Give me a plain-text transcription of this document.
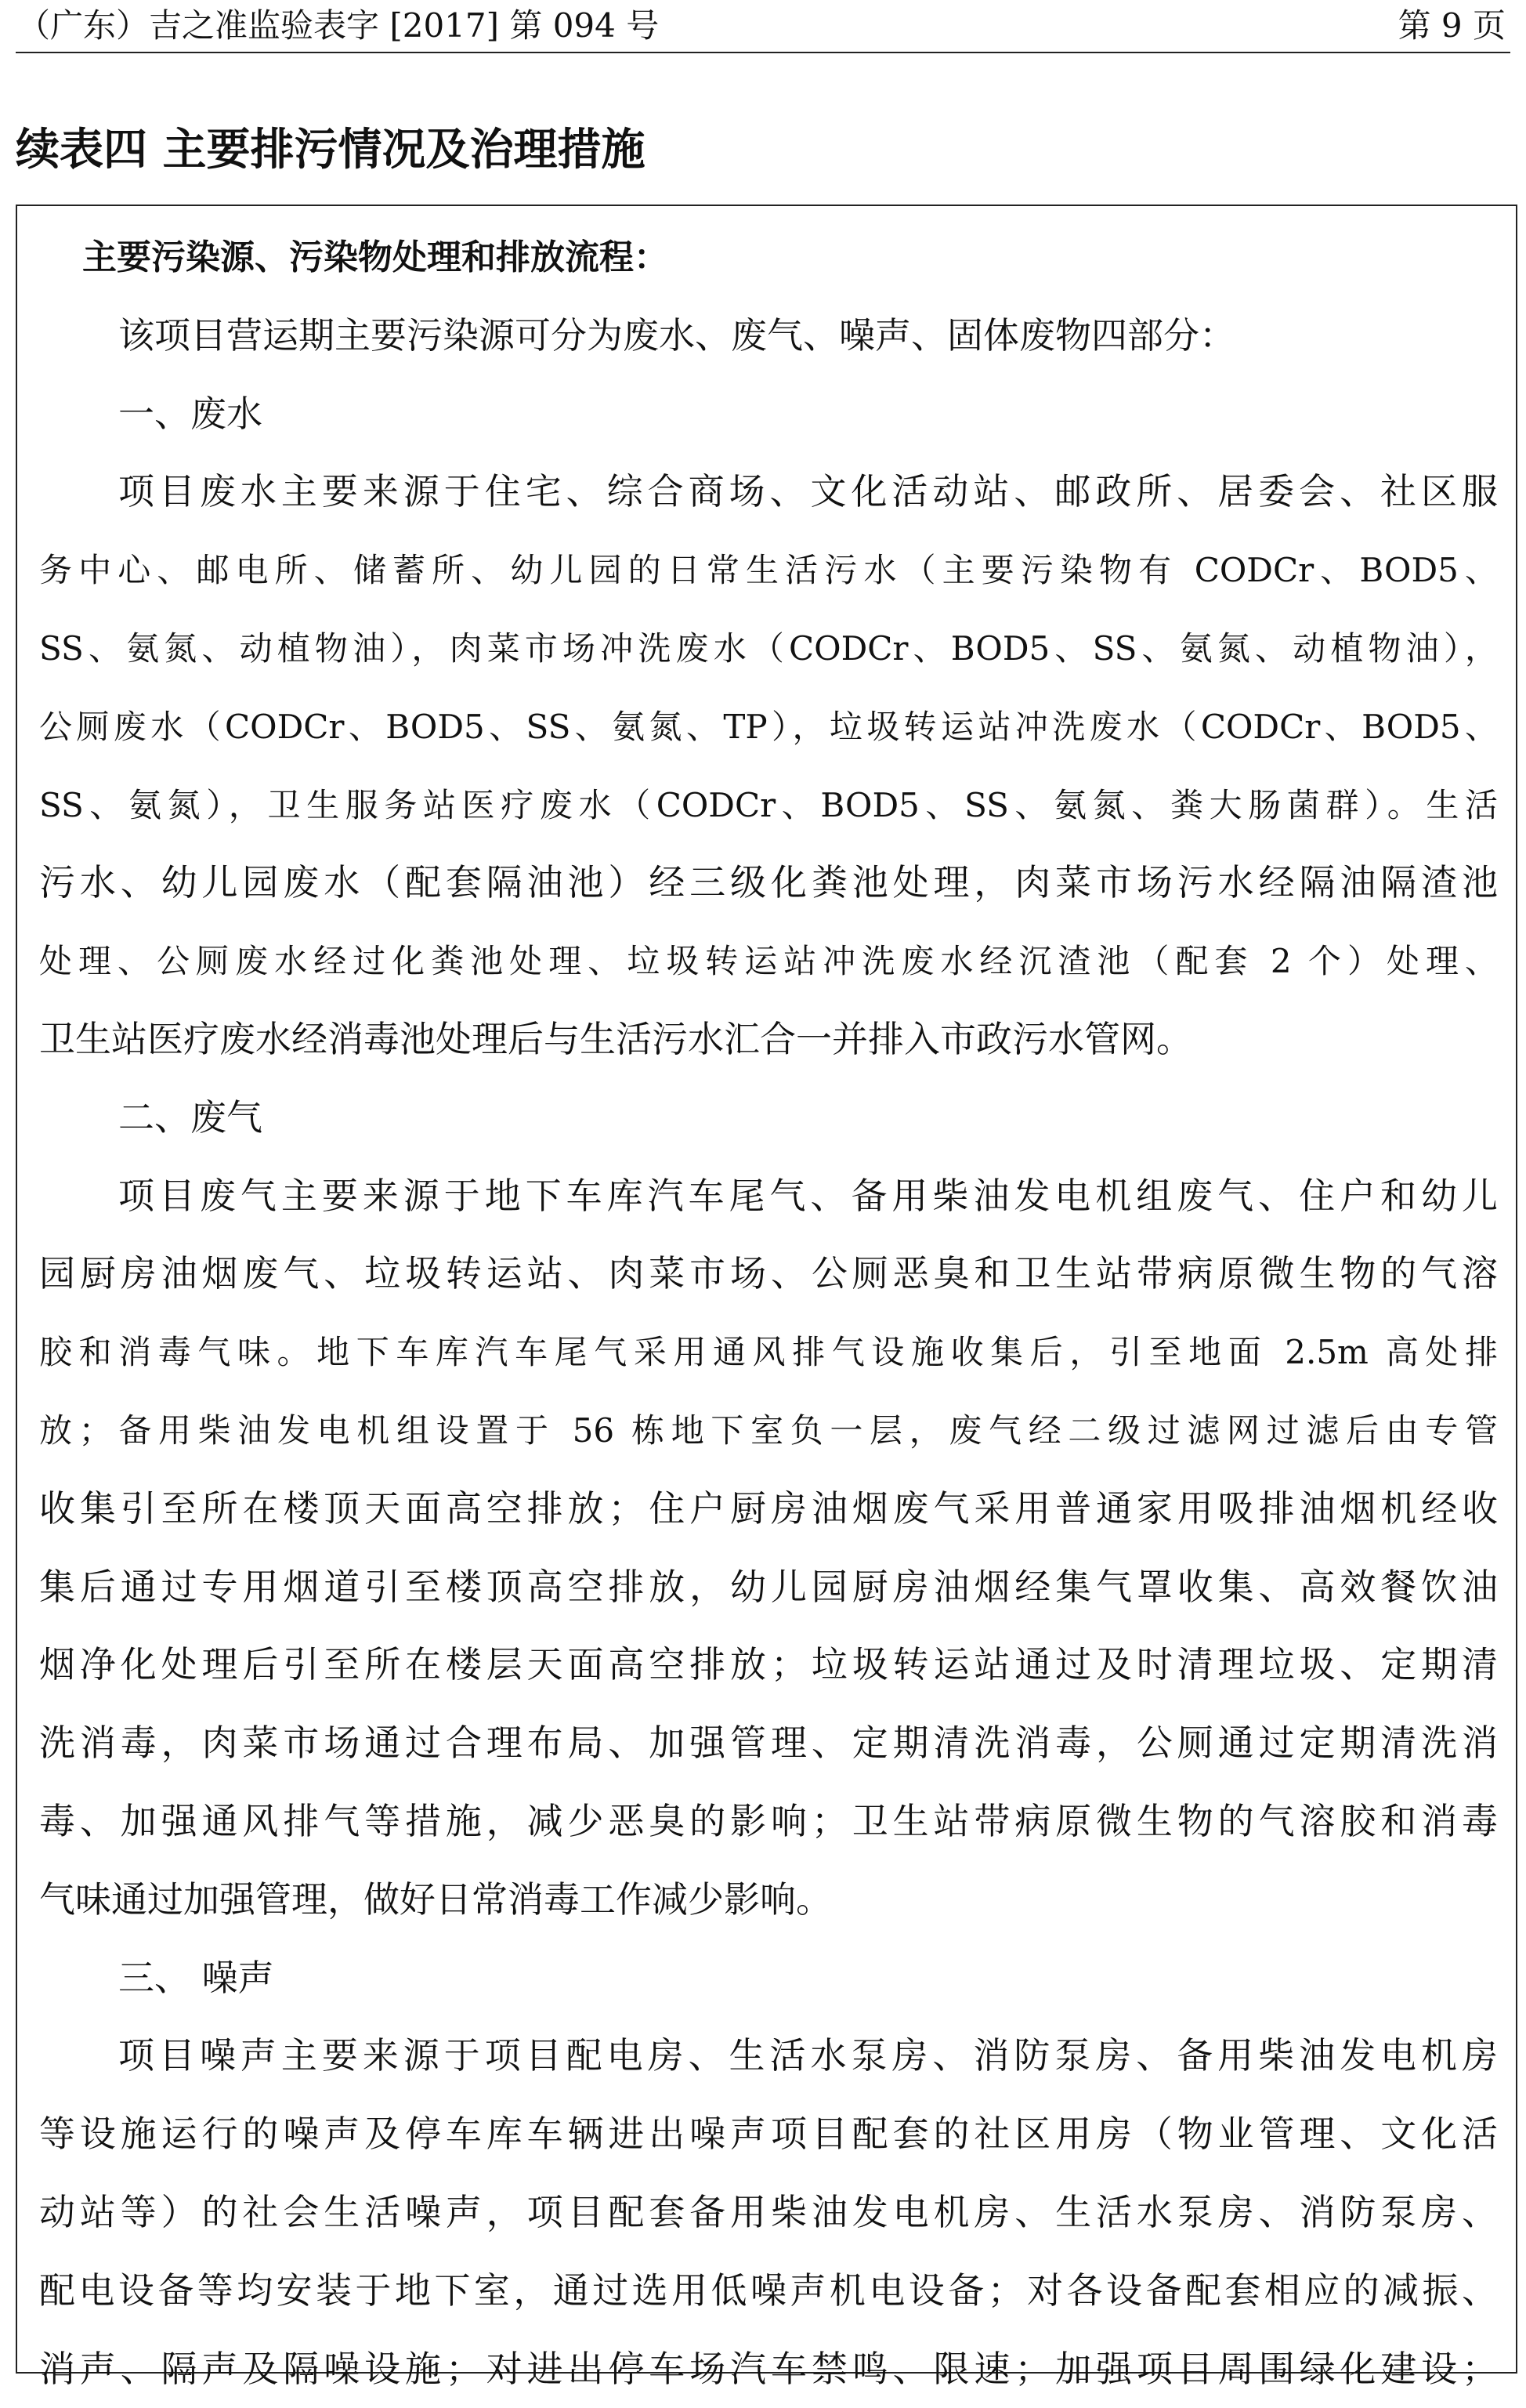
（广东）吉之准监验表字 [2017] 第 094 号	第 9 页
续表四 主要排污情况及治理措施
主要污染源、污染物处理和排放流程：
该项目营运期主要污染源可分为废水、废气、噪声、固体废物四部分：
一、废水
项目废水主要来源于住宅、综合商场、文化活动站、邮政所、居委会、社区服
务中心、邮电所、储蓄所、幼儿园的日常生活污水（主要污染物有 CODCr、BOD5、
SS、氨氮、动植物油），肉菜市场冲洗废水（CODCr、BOD5、SS、氨氮、动植物油），
公厕废水（CODCr、BOD5、SS、氨氮、TP），垃圾转运站冲洗废水（CODCr、BOD5、
SS、氨氮），卫生服务站医疗废水（CODCr、BOD5、SS、氨氮、粪大肠菌群）。生活
污水、幼儿园废水（配套隔油池）经三级化粪池处理，肉菜市场污水经隔油隔渣池
处理、公厕废水经过化粪池处理、垃圾转运站冲洗废水经沉渣池（配套 2 个）处理、
卫生站医疗废水经消毒池处理后与生活污水汇合一并排入市政污水管网。
二、废气
项目废气主要来源于地下车库汽车尾气、备用柴油发电机组废气、住户和幼儿
园厨房油烟废气、垃圾转运站、肉菜市场、公厕恶臭和卫生站带病原微生物的气溶
胶和消毒气味。地下车库汽车尾气采用通风排气设施收集后，引至地面 2.5m 高处排
放；备用柴油发电机组设置于 56 栋地下室负一层，废气经二级过滤网过滤后由专管
收集引至所在楼顶天面高空排放；住户厨房油烟废气采用普通家用吸排油烟机经收
集后通过专用烟道引至楼顶高空排放，幼儿园厨房油烟经集气罩收集、高效餐饮油
烟净化处理后引至所在楼层天面高空排放；垃圾转运站通过及时清理垃圾、定期清
洗消毒，肉菜市场通过合理布局、加强管理、定期清洗消毒，公厕通过定期清洗消
毒、加强通风排气等措施，减少恶臭的影响；卫生站带病原微生物的气溶胶和消毒
气味通过加强管理，做好日常消毒工作减少影响。
三、 噪声
项目噪声主要来源于项目配电房、生活水泵房、消防泵房、备用柴油发电机房
等设施运行的噪声及停车库车辆进出噪声项目配套的社区用房（物业管理、文化活
动站等）的社会生活噪声，项目配套备用柴油发电机房、生活水泵房、消防泵房、
配电设备等均安装于地下室，通过选用低噪声机电设备；对各设备配套相应的减振、
消声、隔声及隔噪设施；对进出停车场汽车禁鸣、限速；加强项目周围绿化建设；
